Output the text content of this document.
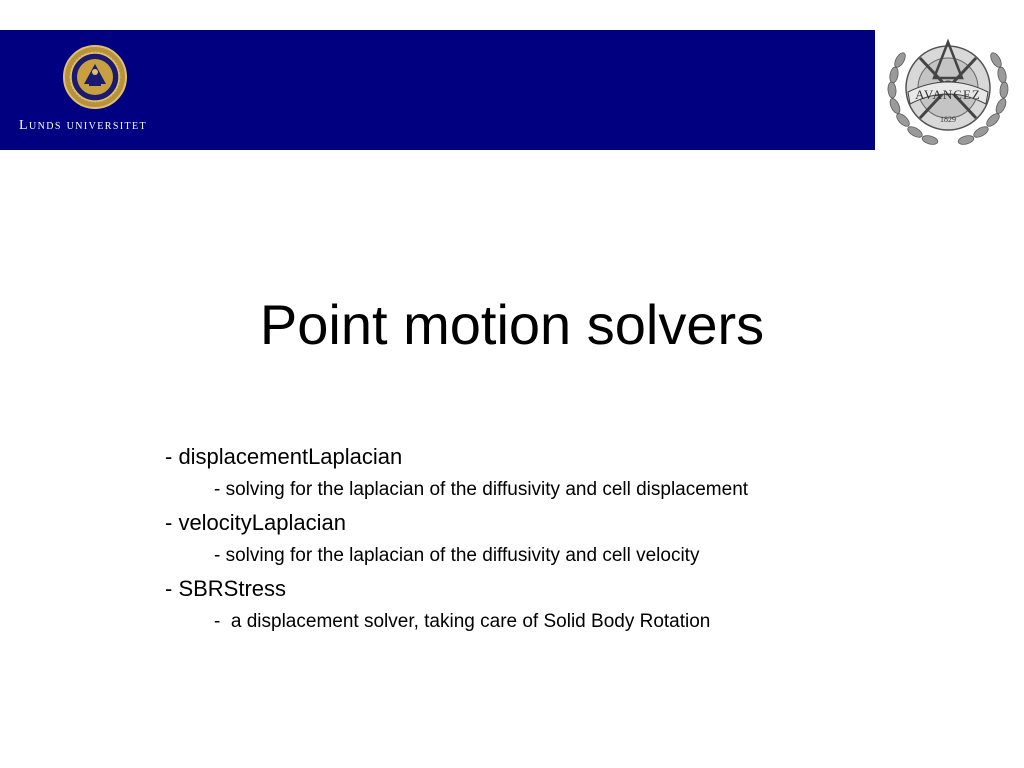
Lunds universitet
AVANCEZ
1829
Point motion solvers
- displacementLaplacian
- solving for the laplacian of the diffusivity and cell displacement
- velocityLaplacian
- solving for the laplacian of the diffusivity and cell velocity
- SBRStress
-  a displacement solver, taking care of Solid Body Rotation
